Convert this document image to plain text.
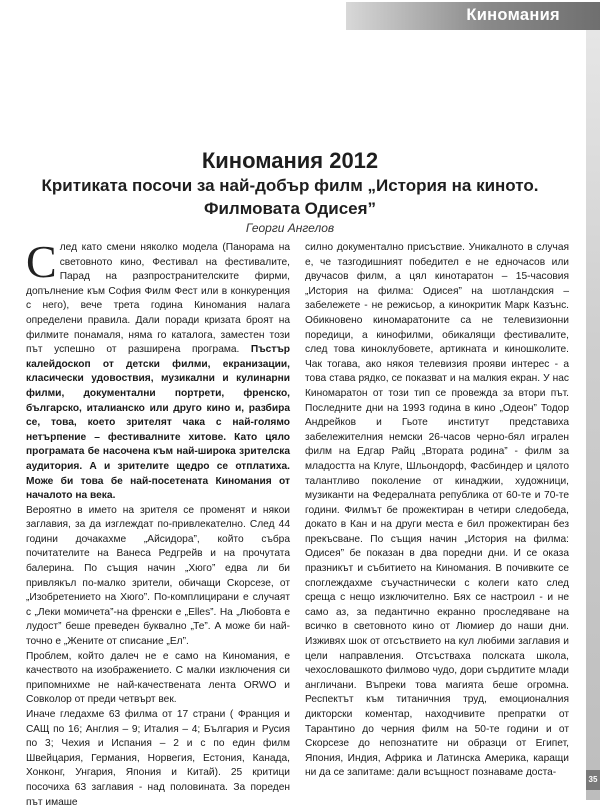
Киномания
35
Киномания 2012
Критиката посочи за най-добър филм „История на киното. Филмовата Одисея”
Георги Ангелов

С лед като смени няколко модела (Панорама на световното кино, Фестивал на фестивалите, Парад на разпространителските фирми, допълнение към София Филм Фест или в конкуренция с него), вече трета година Киномания налага определени правила. Дали поради кризата броят на филмите понамаля, няма го каталога, заместен този път успешно от разширена програма. Пъстър калейдоскоп от детски филми, екранизации, класически удовоствия, музикални и кулинарни филми, документални портрети, френско, българско, италианско или друго кино и, разбира се, това, което зрителят чака с най-голямо нетърпение – фестивалните хитове. Като цяло програмата бе насочена към най-широка зрителска аудитория. А и зрителите щедро се отплатиха. Може би това бе най-посетената Киномания от началото на века.

Вероятно в името на зрителя се променят и някои заглавия, за да изглеждат по-привлекателно. След 44 години дочакахме „Айсидора”, който събра почитателите на Ванеса Редгрейв и на прочутата балерина. По същия начин „Хюго” едва ли би привлякъл по-малко зрители, обичащи Скорсезе, от „Изобретението на Хюго”. По-комплицирани е случаят с „Леки момичета”-на френски е „Elles”. На „Любовта е лудост” беше преведен буквално „Те”. А може би най-точно е „Жените от списание „Ел”.

Проблем, който далеч не е само на Киномания, е качеството на изображението. С малки изключения си припомнихме не най-качествената лента ORWO и Совколор от преди четвърт век.

Иначе гледахме 63 филма от 17 страни ( Франция и САЩ по 16; Англия – 9; Италия – 4; България и Русия по 3; Чехия и Испания – 2 и с по един филм Швейцария, Германия, Норвегия, Естония, Канада, Хонконг, Унгария, Япония и Китай). 25 критици посочиха 63 заглавия - над половината. За пореден път имаше

силно документално присъствие. Уникалното в случая е, че тазгодишният победител е не едночасов или двучасов филм, а цял кинотаратон – 15-часовия „История на филма: Одисея” на шотландския – забележете - не режисьор, а кинокритик Марк Казънс. Обикновено киномаратоните са не телевизионни поредици, а кинофилми, обикалящи фестивалите, след това киноклубовете, артикната и киношколите. Чак тогава, ако някоя телевизия прояви интерес - а това става рядко, се показват и на малкия екран. У нас Киномаратон от този тип се провежда за втори път. Последните дни на 1993 година в кино „Одеон” Тодор Андрейков и Гьоте институт представиха забележителния немски 26-часов черно-бял игрален филм на Едгар Райц „Втората родина” - филм за младостта на Клуге, Шльондорф, Фасбиндер и цялото талантливо поколение от кинаджии, художници, музиканти на Федералната република от 60-те и 70-те години. Филмът бе прожектиран в четири следобеда, докато в Кан и на други места е бил прожектиран без прекъсване. По същия начин „История на филма: Одисея” бе показан в два поредни дни. И се оказа празникът и събитието на Киномания. В почивките се споглеждахме съучастнически с колеги като след среща с нещо изключително. Бях се настроил - и не само аз, за педантично екранно проследяване на всичко в световното кино от Люмиер до наши дни. Изживях шок от отсъствието на кул любими заглавия и цели направления. Отсъстваха полската школа, чехословашкото филмово чудо, дори сърдитите млади англичани. Въпреки това магията беше огромна. Респектът към титаничния труд, емоционалния дикторски коментар, находчивите препратки от Тарантино до черния филм на 50-те години и от Скорсезе до непознатите ни образци от Египет, Япония, Индия, Африка и Латинска Америка, каращи ни да се запитаме: дали всъщност познаваме доста-
